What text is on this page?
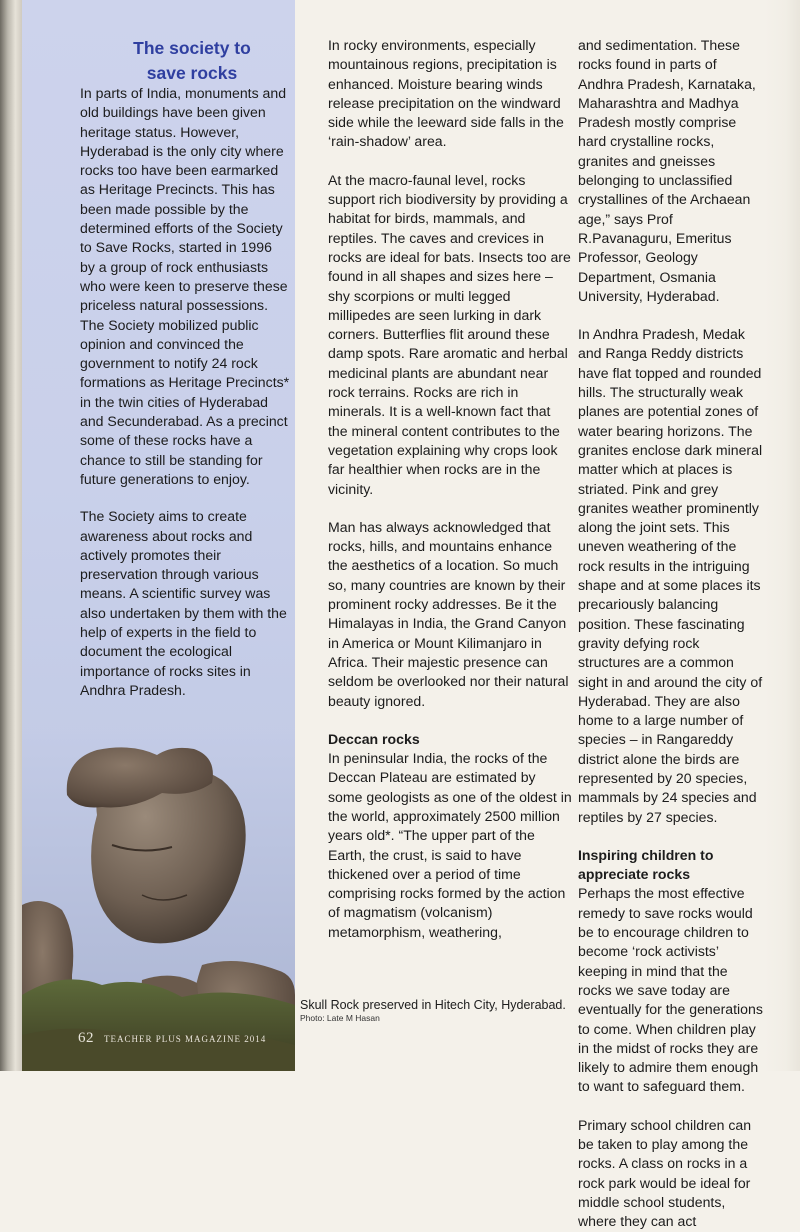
The society to save rocks

In parts of India, monuments and old buildings have been given heritage status. However, Hyderabad is the only city where rocks too have been earmarked as Heritage Precincts. This has been made possible by the determined efforts of the Society to Save Rocks, started in 1996 by a group of rock enthusiasts who were keen to preserve these priceless natural possessions. The Society mobilized public opinion and convinced the government to notify 24 rock formations as Heritage Precincts* in the twin cities of Hyderabad and Secunderabad. As a precinct some of these rocks have a chance to still be standing for future generations to enjoy.

The Society aims to create awareness about rocks and actively promotes their preservation through various means. A scientific survey was also undertaken by them with the help of experts in the field to document the ecological importance of rocks sites in Andhra Pradesh.

62 TEACHER PLUS MAGAZINE 2014

In rocky environments, especially mountainous regions, precipitation is enhanced. Moisture bearing winds release precipitation on the windward side while the leeward side falls in the ‘rain-shadow’ area.

At the macro-faunal level, rocks support rich biodiversity by providing a habitat for birds, mammals, and reptiles. The caves and crevices in rocks are ideal for bats. Insects too are found in all shapes and sizes here – shy scorpions or multi legged millipedes are seen lurking in dark corners. Butterflies flit around these damp spots. Rare aromatic and herbal medicinal plants are abundant near rock terrains. Rocks are rich in minerals. It is a well-known fact that the mineral content contributes to the vegetation explaining why crops look far healthier when rocks are in the vicinity.

Man has always acknowledged that rocks, hills, and mountains enhance the aesthetics of a location. So much so, many countries are known by their prominent rocky addresses. Be it the Himalayas in India, the Grand Canyon in America or Mount Kilimanjaro in Africa. Their majestic presence can seldom be overlooked nor their natural beauty ignored.

Deccan rocks

In peninsular India, the rocks of the Deccan Plateau are estimated by some geologists as one of the oldest in the world, approximately 2500 million years old*. “The upper part of the Earth, the crust, is said to have thickened over a period of time comprising rocks formed by the action of magmatism (volcanism) metamorphism, weathering,

and sedimentation. These rocks found in parts of Andhra Pradesh, Karnataka, Maharashtra and Madhya Pradesh mostly comprise hard crystalline rocks, granites and gneisses belonging to unclassified crystallines of the Archaean age,” says Prof R.Pavanaguru, Emeritus Professor, Geology Department, Osmania University, Hyderabad.

In Andhra Pradesh, Medak and Ranga Reddy districts have flat topped and rounded hills. The structurally weak planes are potential zones of water bearing horizons. The granites enclose dark mineral matter which at places is striated. Pink and grey granites weather prominently along the joint sets. This uneven weathering of the rock results in the intriguing shape and at some places its precariously balancing position. These fascinating gravity defying rock structures are a common sight in and around the city of Hyderabad. They are also home to a large number of species – in Rangareddy district alone the birds are represented by 20 species, mammals by 24 species and reptiles by 27 species.

Inspiring children to appreciate rocks

Perhaps the most effective remedy to save rocks would be to encourage children to become ‘rock activists’ keeping in mind that the rocks we save today are eventually for the generations to come. When children play in the midst of rocks they are likely to admire them enough to want to safeguard them.

Primary school children can be taken to play among the rocks. A class on rocks in a rock park would be ideal for middle school students, where they can act

Skull Rock preserved in Hitech City, Hyderabad.
Photo: Late M Hasan
